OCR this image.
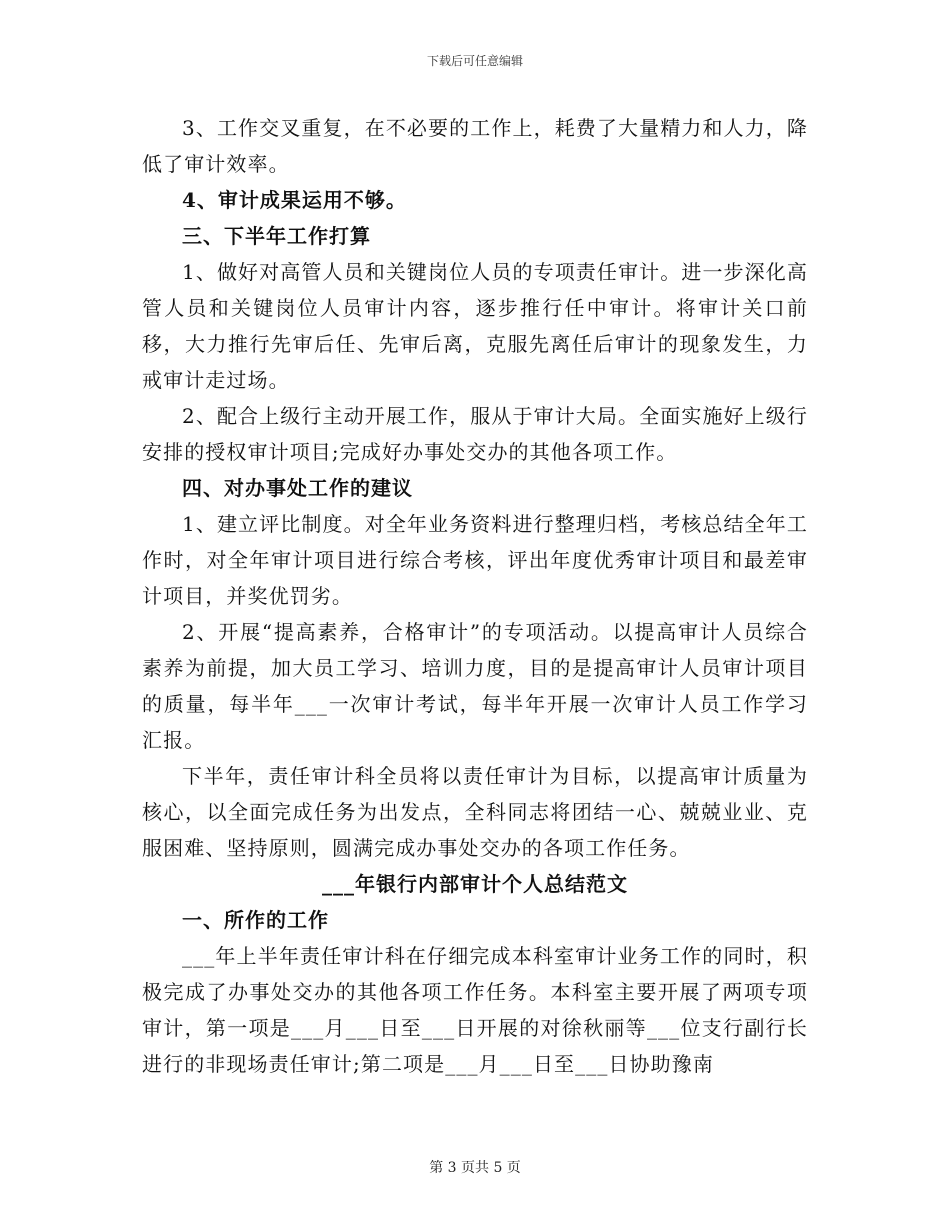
下载后可任意编辑

3、工作交叉重复，在不必要的工作上，耗费了大量精力和人力，降低了审计效率。

4、审计成果运用不够。

三、下半年工作打算

1、做好对高管人员和关键岗位人员的专项责任审计。进一步深化高管人员和关键岗位人员审计内容，逐步推行任中审计。将审计关口前移，大力推行先审后任、先审后离，克服先离任后审计的现象发生，力戒审计走过场。

2、配合上级行主动开展工作，服从于审计大局。全面实施好上级行安排的授权审计项目;完成好办事处交办的其他各项工作。

四、对办事处工作的建议

1、建立评比制度。对全年业务资料进行整理归档，考核总结全年工作时，对全年审计项目进行综合考核，评出年度优秀审计项目和最差审计项目，并奖优罚劣。

2、开展“提高素养，合格审计”的专项活动。以提高审计人员综合素养为前提，加大员工学习、培训力度，目的是提高审计人员审计项目的质量，每半年___一次审计考试，每半年开展一次审计人员工作学习汇报。

下半年，责任审计科全员将以责任审计为目标，以提高审计质量为核心，以全面完成任务为出发点，全科同志将团结一心、兢兢业业、克服困难、坚持原则，圆满完成办事处交办的各项工作任务。

___年银行内部审计个人总结范文

一、所作的工作

___年上半年责任审计科在仔细完成本科室审计业务工作的同时，积极完成了办事处交办的其他各项工作任务。本科室主要开展了两项专项审计，第一项是___月___日至___日开展的对徐秋丽等___位支行副行长进行的非现场责任审计;第二项是___月___日至___日协助豫南

第 3 页共 5 页
